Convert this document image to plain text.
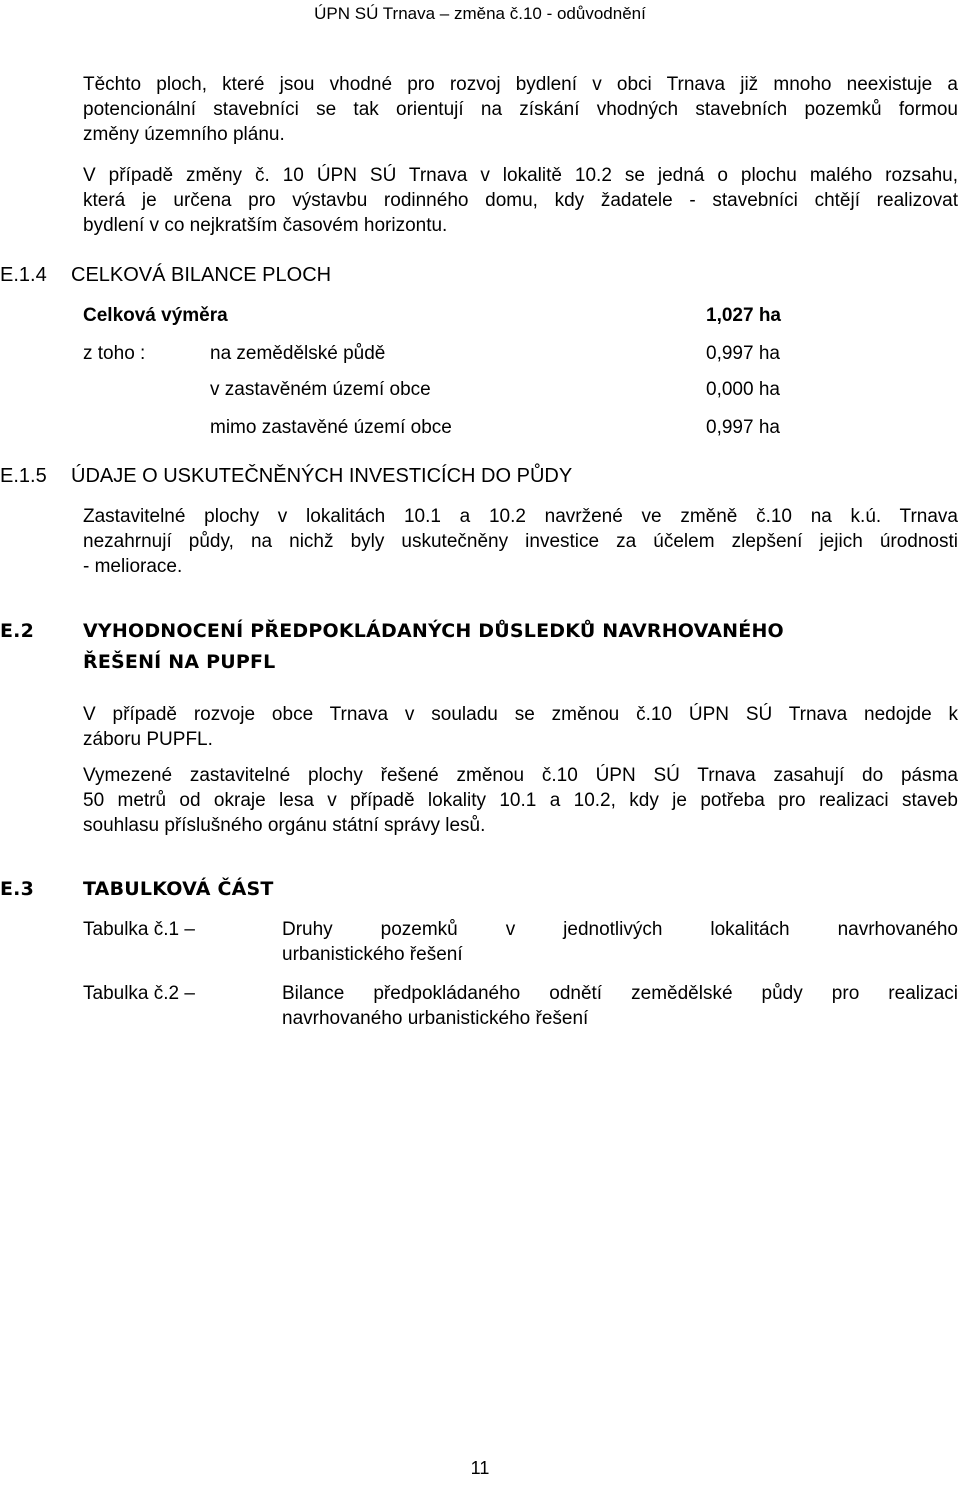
ÚPN SÚ Trnava – změna č.10 - odůvodnění
Těchto ploch, které jsou vhodné pro rozvoj bydlení v obci Trnava již mnoho neexistuje a
potencionální stavebníci se tak orientují na získání vhodných stavebních pozemků formou
změny územního plánu.
V případě změny č. 10 ÚPN SÚ Trnava v lokalitě 10.2 se jedná o plochu malého rozsahu,
která je určena pro výstavbu rodinného domu, kdy žadatele - stavebníci chtějí realizovat
bydlení v co nejkratším časovém horizontu.
E.1.4 CELKOVÁ BILANCE PLOCH
Celková výměra	1,027 ha
z toho :	na zemědělské půdě	0,997 ha
v zastavěném území obce	0,000 ha
mimo zastavěné území obce	0,997 ha
E.1.5 ÚDAJE O USKUTEČNĚNÝCH INVESTICÍCH DO PŮDY
Zastavitelné plochy v lokalitách 10.1 a 10.2 navržené ve změně č.10 na k.ú. Trnava
nezahrnují půdy, na nichž byly uskutečněny investice za účelem zlepšení jejich úrodnosti
- meliorace.
E.2	VYHODNOCENÍ PŘEDPOKLÁDANÝCH DŮSLEDKŮ NAVRHOVANÉHO
ŘEŠENÍ NA PUPFL
V případě rozvoje obce Trnava v souladu se změnou č.10 ÚPN SÚ Trnava nedojde k
záboru PUPFL.
Vymezené zastavitelné plochy řešené změnou č.10 ÚPN SÚ Trnava zasahují do pásma
50 metrů od okraje lesa v případě lokality 10.1 a 10.2, kdy je potřeba pro realizaci staveb
souhlasu příslušného orgánu státní správy lesů.
E.3	TABULKOVÁ ČÁST
Tabulka č.1 –	Druhy pozemků v jednotlivých lokalitách navrhovaného
urbanistického řešení
Tabulka č.2 –	Bilance předpokládaného odnětí zemědělské půdy pro realizaci
navrhovaného urbanistického řešení
11
